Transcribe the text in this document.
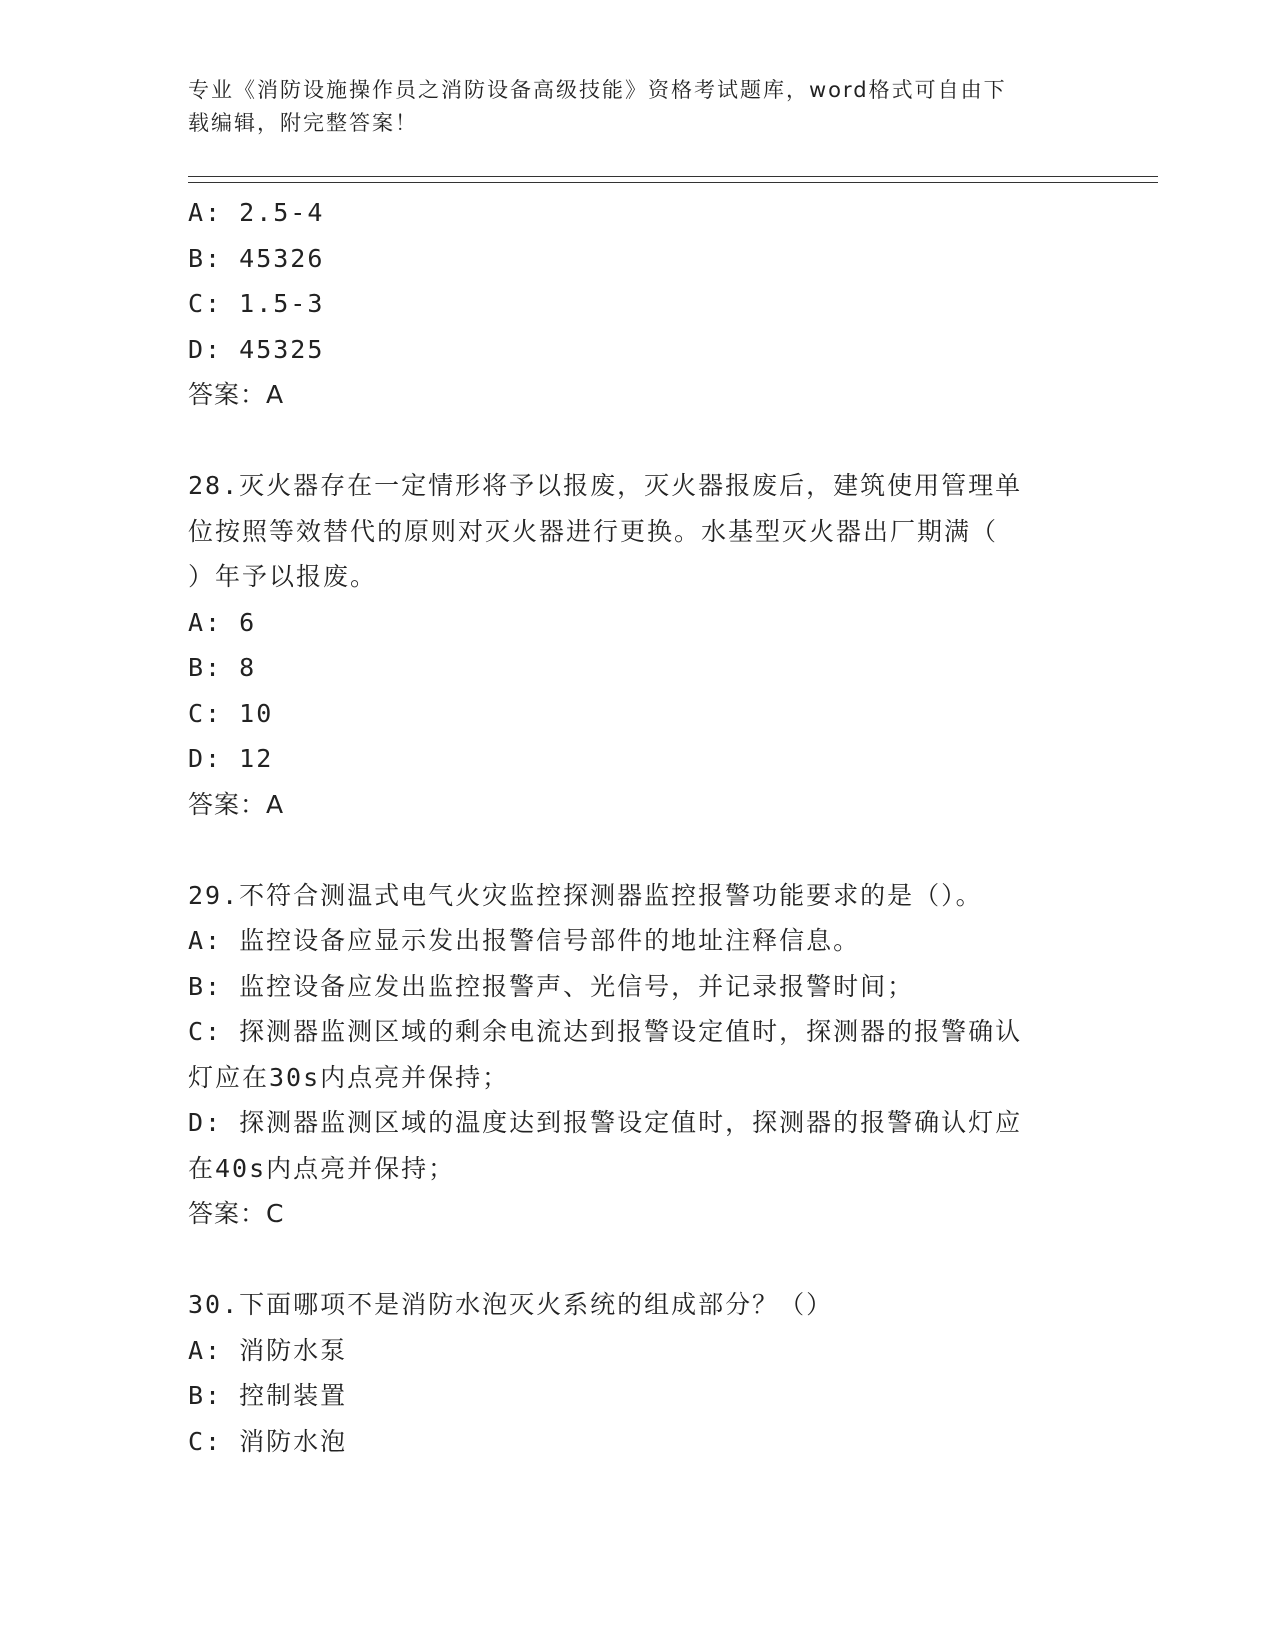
专业《消防设施操作员之消防设备高级技能》资格考试题库，word格式可自由下
载编辑，附完整答案！
A: 2.5-4
B: 45326
C: 1.5-3
D: 45325
答案：A
28.灭火器存在一定情形将予以报废，灭火器报废后，建筑使用管理单
位按照等效替代的原则对灭火器进行更换。水基型灭火器出厂期满（
）年予以报废。
A: 6
B: 8
C: 10
D: 12
答案：A
29.不符合测温式电气火灾监控探测器监控报警功能要求的是（）。
A: 监控设备应显示发出报警信号部件的地址注释信息。
B: 监控设备应发出监控报警声、光信号，并记录报警时间；
C: 探测器监测区域的剩余电流达到报警设定值时，探测器的报警确认
灯应在30s内点亮并保持；
D: 探测器监测区域的温度达到报警设定值时，探测器的报警确认灯应
在40s内点亮并保持；
答案：C
30.下面哪项不是消防水泡灭火系统的组成部分？（）
A: 消防水泵
B: 控制装置
C: 消防水泡
